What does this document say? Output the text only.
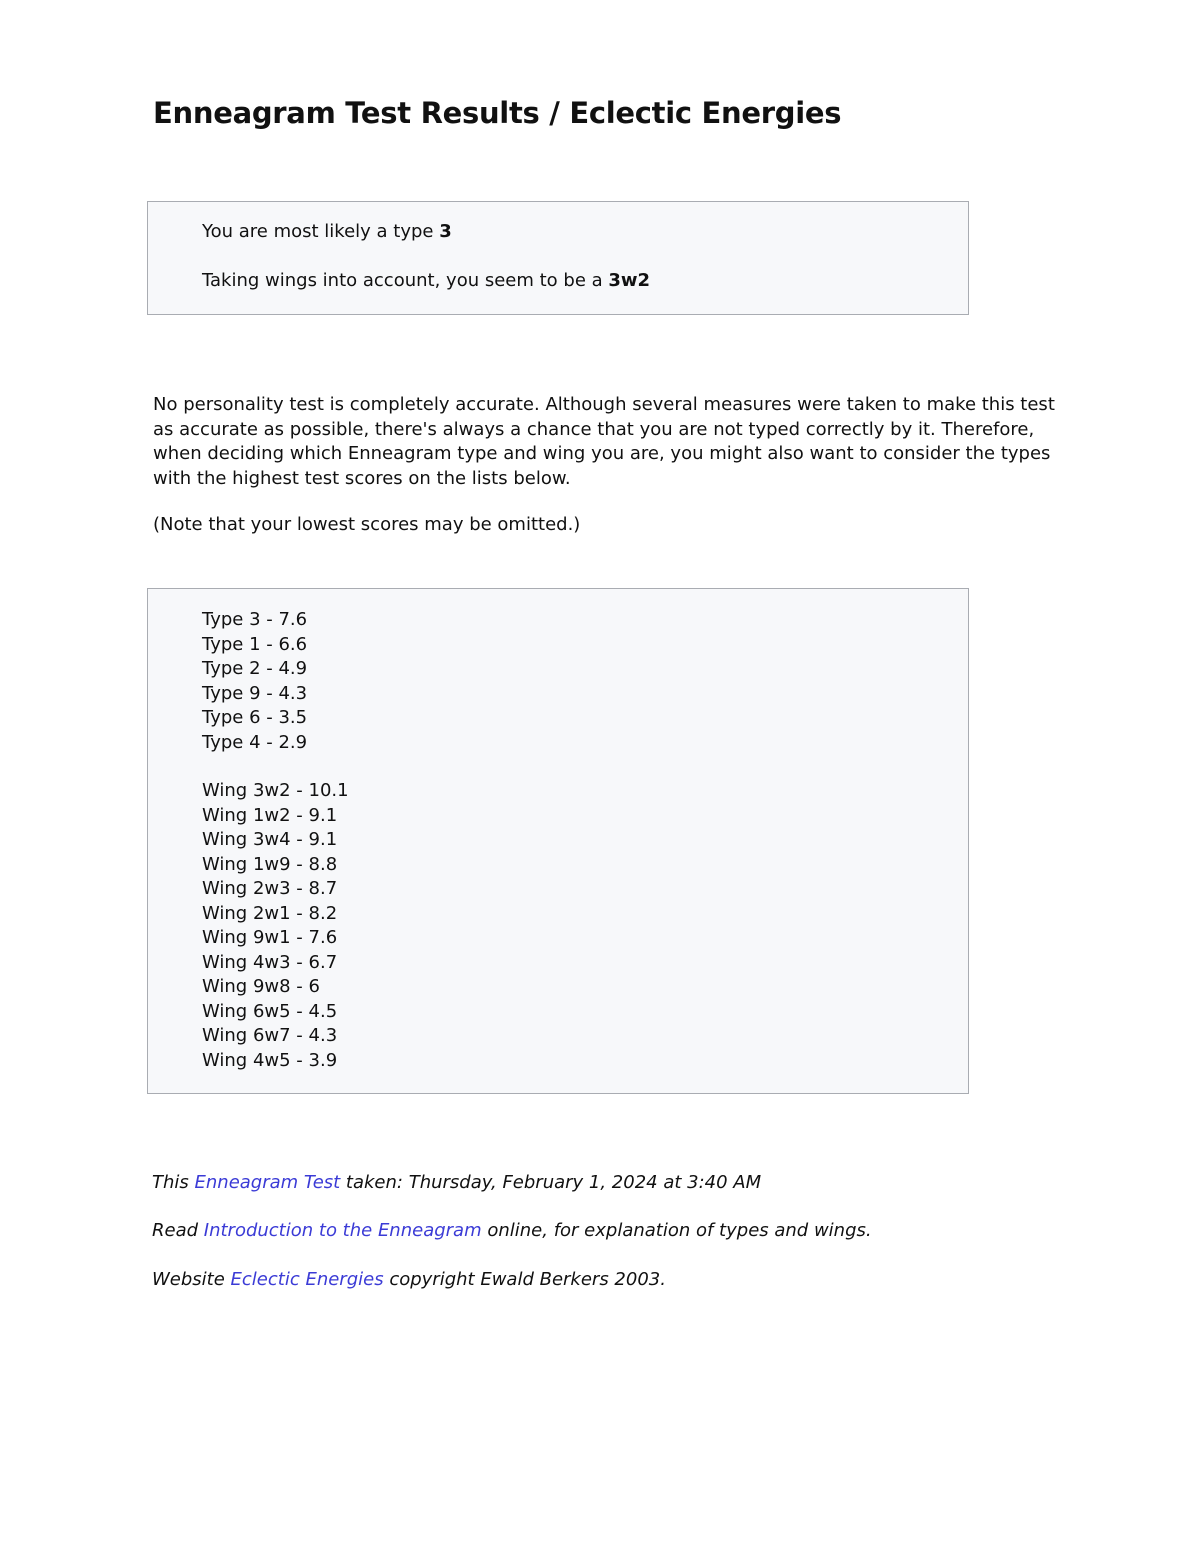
Enneagram Test Results / Eclectic Energies
You are most likely a type 3
Taking wings into account, you seem to be a 3w2

No personality test is completely accurate. Although several measures were taken to make this test as accurate as possible, there's always a chance that you are not typed correctly by it. Therefore, when deciding which Enneagram type and wing you are, you might also want to consider the types with the highest test scores on the lists below.

(Note that your lowest scores may be omitted.)

Type 3 - 7.6
Type 1 - 6.6
Type 2 - 4.9
Type 9 - 4.3
Type 6 - 3.5
Type 4 - 2.9
Wing 3w2 - 10.1
Wing 1w2 - 9.1
Wing 3w4 - 9.1
Wing 1w9 - 8.8
Wing 2w3 - 8.7
Wing 2w1 - 8.2
Wing 9w1 - 7.6
Wing 4w3 - 6.7
Wing 9w8 - 6
Wing 6w5 - 4.5
Wing 6w7 - 4.3
Wing 4w5 - 3.9

This Enneagram Test taken: Thursday, February 1, 2024 at 3:40 AM

Read Introduction to the Enneagram online, for explanation of types and wings.

Website Eclectic Energies copyright Ewald Berkers 2003.
